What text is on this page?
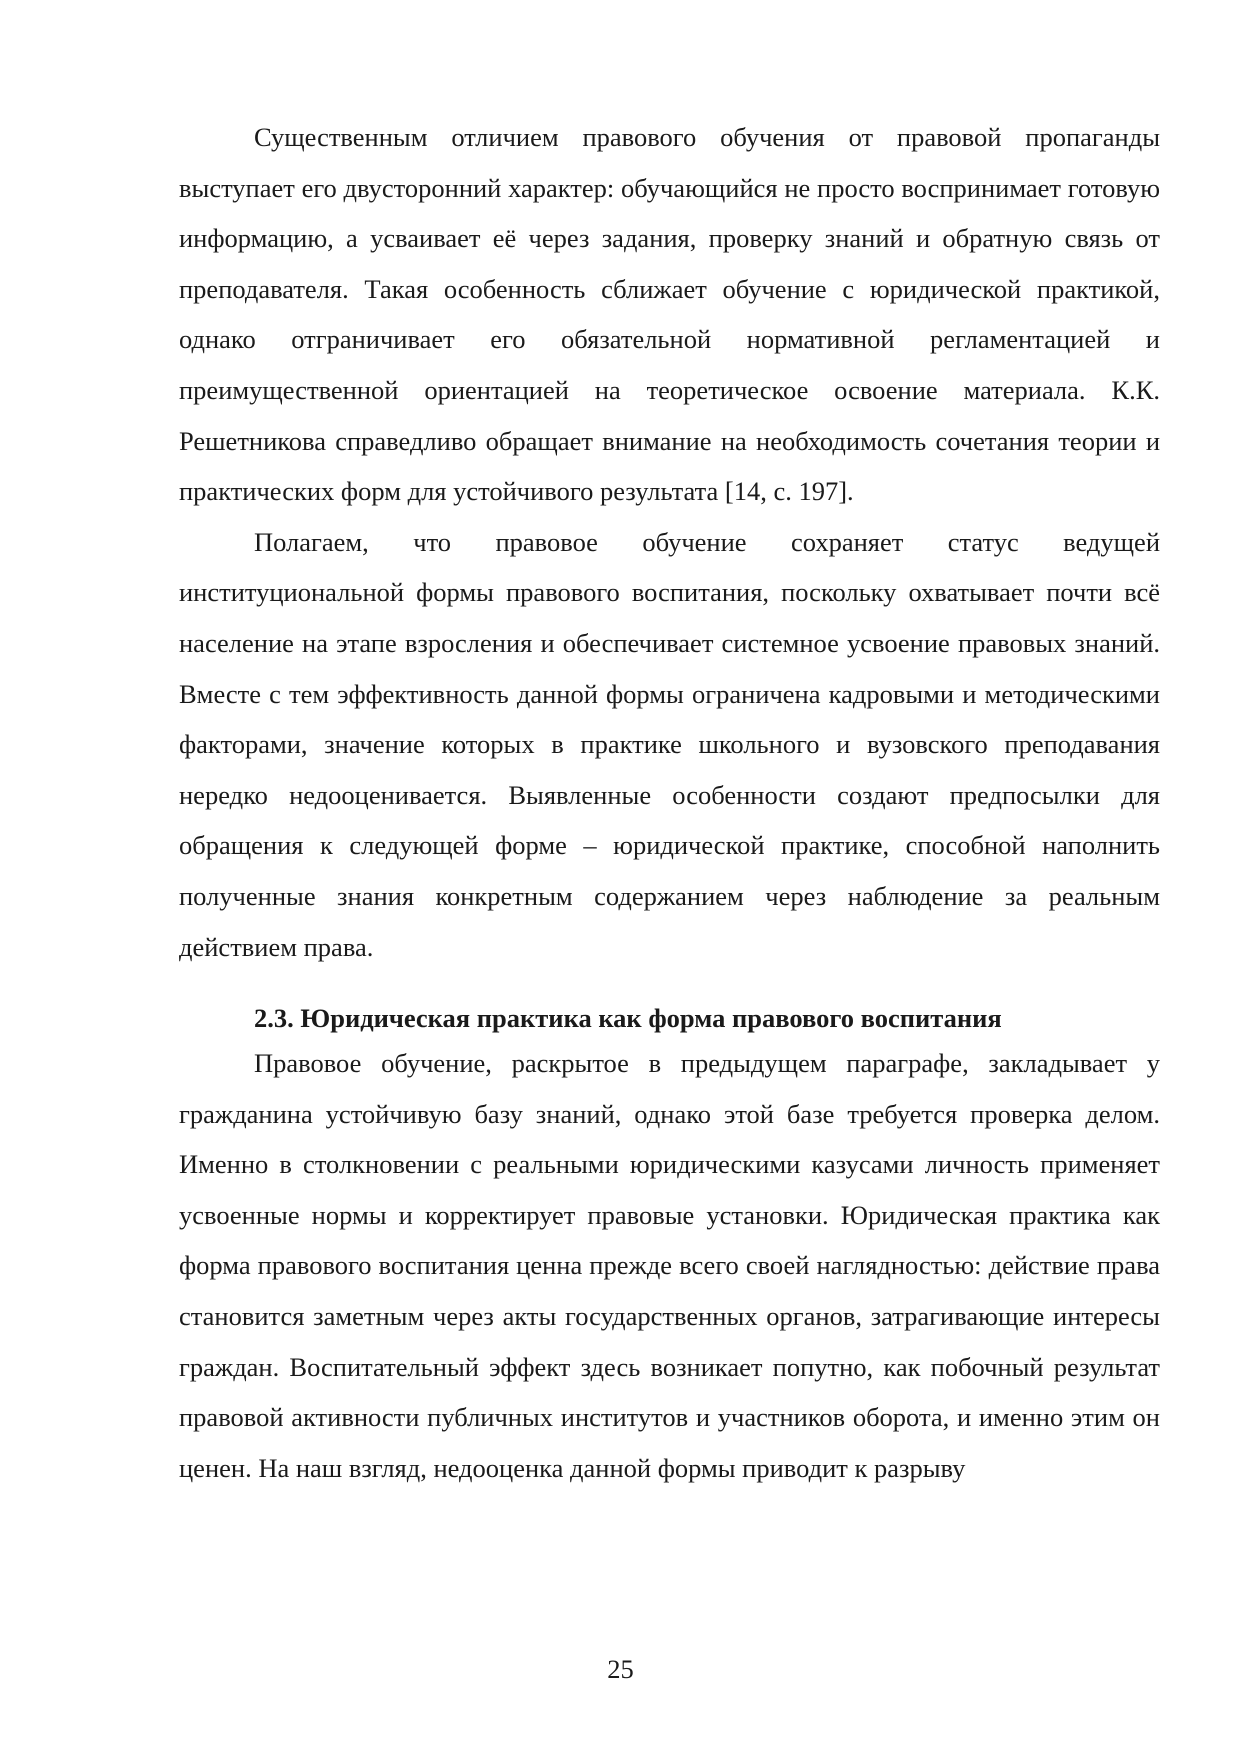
Существенным отличием правового обучения от правовой пропаганды выступает его двусторонний характер: обучающийся не просто воспринимает готовую информацию, а усваивает её через задания, проверку знаний и обратную связь от преподавателя. Такая особенность сближает обучение с юридической практикой, однако отграничивает его обязательной нормативной регламентацией и преимущественной ориентацией на теоретическое освоение материала. К.К. Решетникова справедливо обращает внимание на необходимость сочетания теории и практических форм для устойчивого результата [14, с. 197].

Полагаем, что правовое обучение сохраняет статус ведущей институциональной формы правового воспитания, поскольку охватывает почти всё население на этапе взросления и обеспечивает системное усвоение правовых знаний. Вместе с тем эффективность данной формы ограничена кадровыми и методическими факторами, значение которых в практике школьного и вузовского преподавания нередко недооценивается. Выявленные особенности создают предпосылки для обращения к следующей форме – юридической практике, способной наполнить полученные знания конкретным содержанием через наблюдение за реальным действием права.

2.3. Юридическая практика как форма правового воспитания

Правовое обучение, раскрытое в предыдущем параграфе, закладывает у гражданина устойчивую базу знаний, однако этой базе требуется проверка делом. Именно в столкновении с реальными юридическими казусами личность применяет усвоенные нормы и корректирует правовые установки. Юридическая практика как форма правового воспитания ценна прежде всего своей наглядностью: действие права становится заметным через акты государственных органов, затрагивающие интересы граждан. Воспитательный эффект здесь возникает попутно, как побочный результат правовой активности публичных институтов и участников оборота, и именно этим он ценен. На наш взгляд, недооценка данной формы приводит к разрыву

25
